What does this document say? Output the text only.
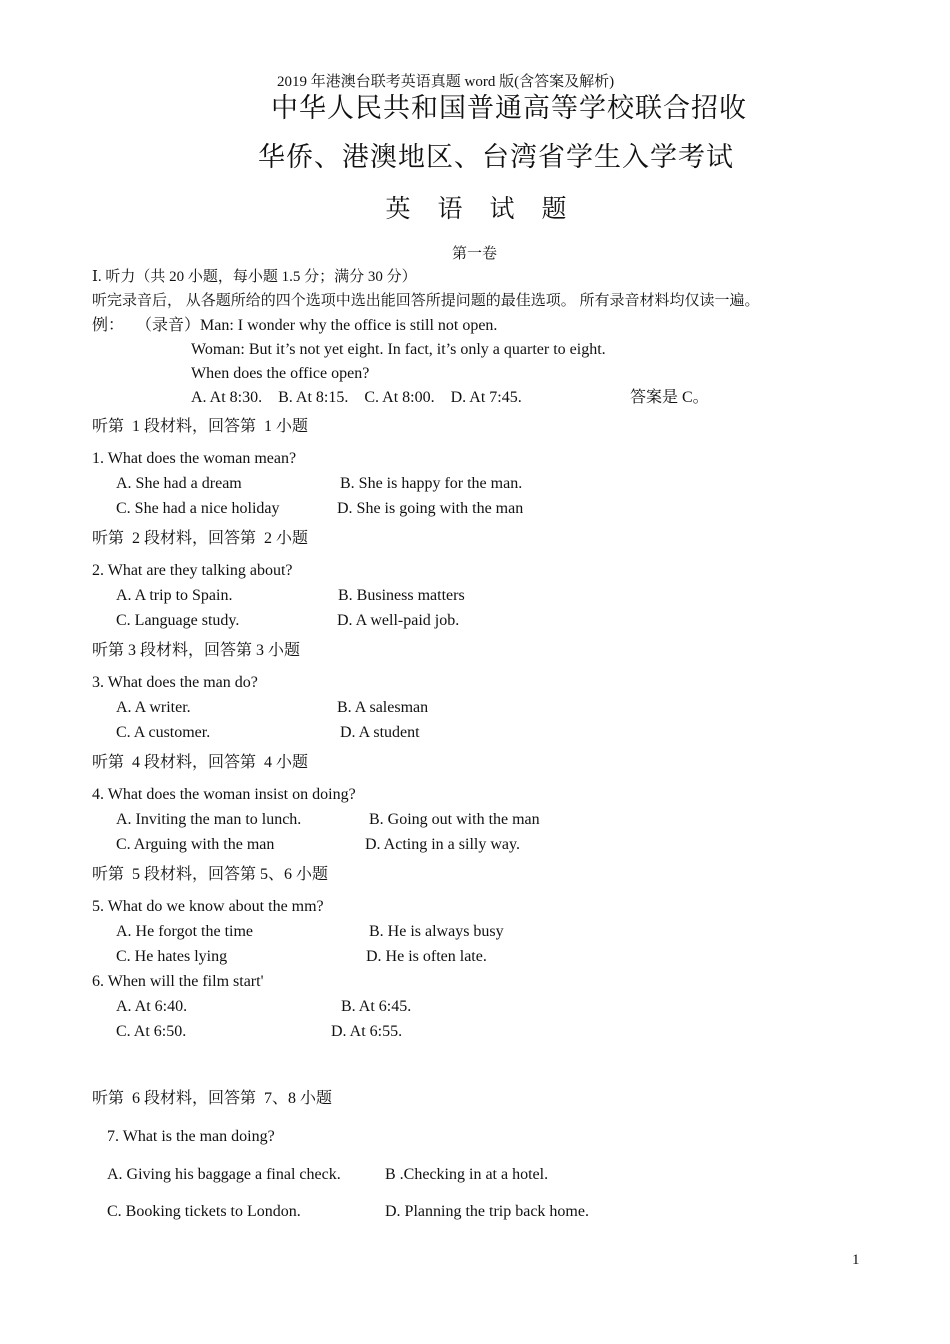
2019 年港澳台联考英语真题 word 版(含答案及解析)
中华人民共和国普通高等学校联合招收
华侨、港澳地区、台湾省学生入学考试
英 语 试 题
第一卷
Ⅰ. 听力（共 20 小题，每小题 1.5 分；满分 30 分）
听完录音后， 从各题所给的四个选项中选出能回答所提问题的最佳选项。 所有录音材料均仅读一遍。
例： （录音）Man: I wonder why the office is still not open.
Woman: But it’s not yet eight. In fact, it’s only a quarter to eight.
When does the office open?
A. At 8:30.    B. At 8:15.    C. At 8:00.    D. At 7:45.	答案是 C。
听第  1 段材料，回答第  1 小题
1. What does the woman mean?
A. She had a dream	B. She is happy for the man.
C. She had a nice holiday	D. She is going with the man
听第  2 段材料，回答第  2 小题
2. What are they talking about?
A. A trip to Spain.	B. Business matters
C. Language study.	D. A well-paid job.
听第 3 段材料，回答第 3 小题
3. What does the man do?
A. A writer.	B. A salesman
C. A customer.	D. A student
听第  4 段材料，回答第  4 小题
4. What does the woman insist on doing?
A. Inviting the man to lunch.	B. Going out with the man
C. Arguing with the man	D. Acting in a silly way.
听第  5 段材料，回答第 5、6 小题
5. What do we know about the mm?
A. He forgot the time	B. He is always busy
C. He hates lying	D. He is often late.
6. When will the film start'
A. At 6:40.	B. At 6:45.
C. At 6:50.	D. At 6:55.
听第  6 段材料，回答第  7、8 小题
7. What is the man doing?
A. Giving his baggage a final check.	B .Checking in at a hotel.
C. Booking tickets to London.	D. Planning the trip back home.
1
